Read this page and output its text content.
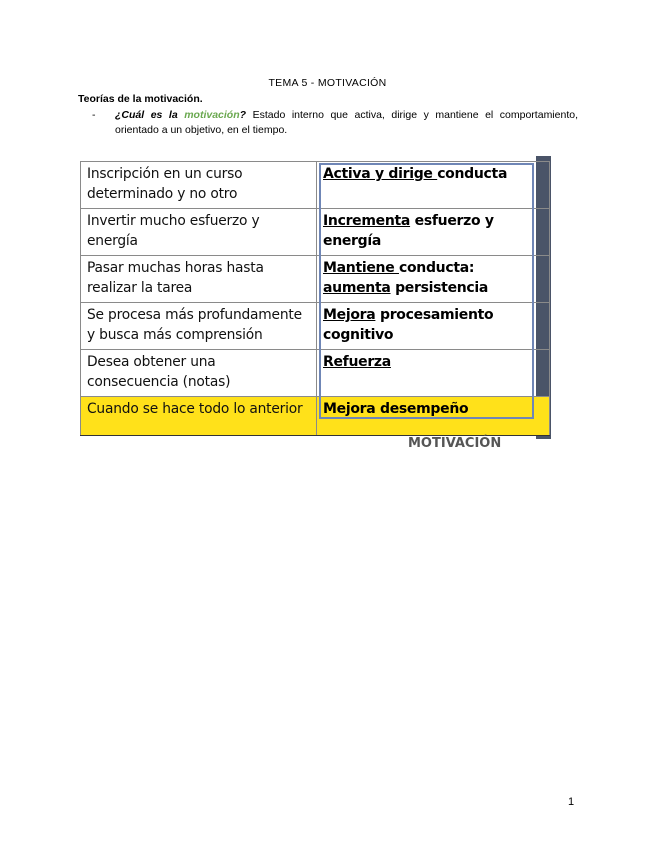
TEMA 5 - MOTIVACIÓN
Teorías de la motivación.
- ¿Cuál es la motivación? Estado interno que activa, dirige y mantiene el comportamiento, orientado a un objetivo, en el tiempo.
Inscripción en un curso determinado y no otro	Activa y dirige conducta

Invertir mucho esfuerzo y energía	Incrementa esfuerzo y energía

Pasar muchas horas hasta realizar la tarea	Mantiene conducta: aumenta persistencia

Se procesa más profundamente y busca más comprensión	Mejora procesamiento cognitivo

Desea obtener una consecuencia (notas)	Refuerza

Cuando se hace todo lo anterior	Mejora desempeño
MOTIVACIÓN
1
